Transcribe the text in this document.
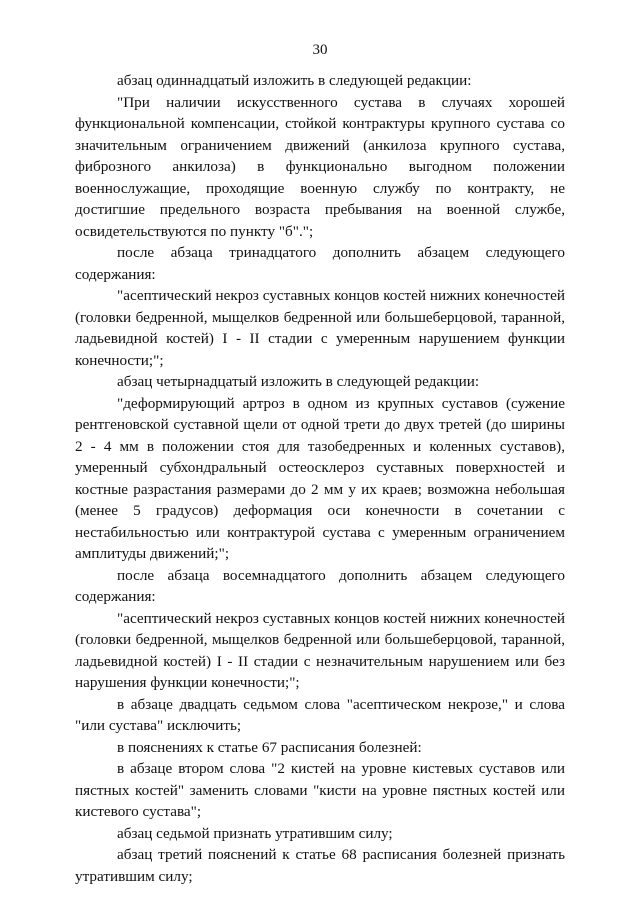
30

абзац одиннадцатый изложить в следующей редакции:

"При наличии искусственного сустава в случаях хорошей функциональной компенсации, стойкой контрактуры крупного сустава со значительным ограничением движений (анкилоза крупного сустава, фиброзного анкилоза) в функционально выгодном положении военнослужащие, проходящие военную службу по контракту, не достигшие предельного возраста пребывания на военной службе, освидетельствуются по пункту "б".";

после абзаца тринадцатого дополнить абзацем следующего содержания:

"асептический некроз суставных концов костей нижних конечностей (головки бедренной, мыщелков бедренной или большеберцовой, таранной, ладьевидной костей) I - II стадии с умеренным нарушением функции конечности;";

абзац четырнадцатый изложить в следующей редакции:

"деформирующий артроз в одном из крупных суставов (сужение рентгеновской суставной щели от одной трети до двух третей (до ширины 2 - 4 мм в положении стоя для тазобедренных и коленных суставов), умеренный субхондральный остеосклероз суставных поверхностей и костные разрастания размерами до 2 мм у их краев; возможна небольшая (менее 5 градусов) деформация оси конечности в сочетании с нестабильностью или контрактурой сустава с умеренным ограничением амплитуды движений;";

после абзаца восемнадцатого дополнить абзацем следующего содержания:

"асептический некроз суставных концов костей нижних конечностей (головки бедренной, мыщелков бедренной или большеберцовой, таранной, ладьевидной костей) I - II стадии с незначительным нарушением или без нарушения функции конечности;";

в абзаце двадцать седьмом слова "асептическом некрозе," и слова "или сустава" исключить;

в пояснениях к статье 67 расписания болезней:

в абзаце втором слова "2 кистей на уровне кистевых суставов или пястных костей" заменить словами "кисти на уровне пястных костей или кистевого сустава";

абзац седьмой признать утратившим силу;

абзац третий пояснений к статье 68 расписания болезней признать утратившим силу;
